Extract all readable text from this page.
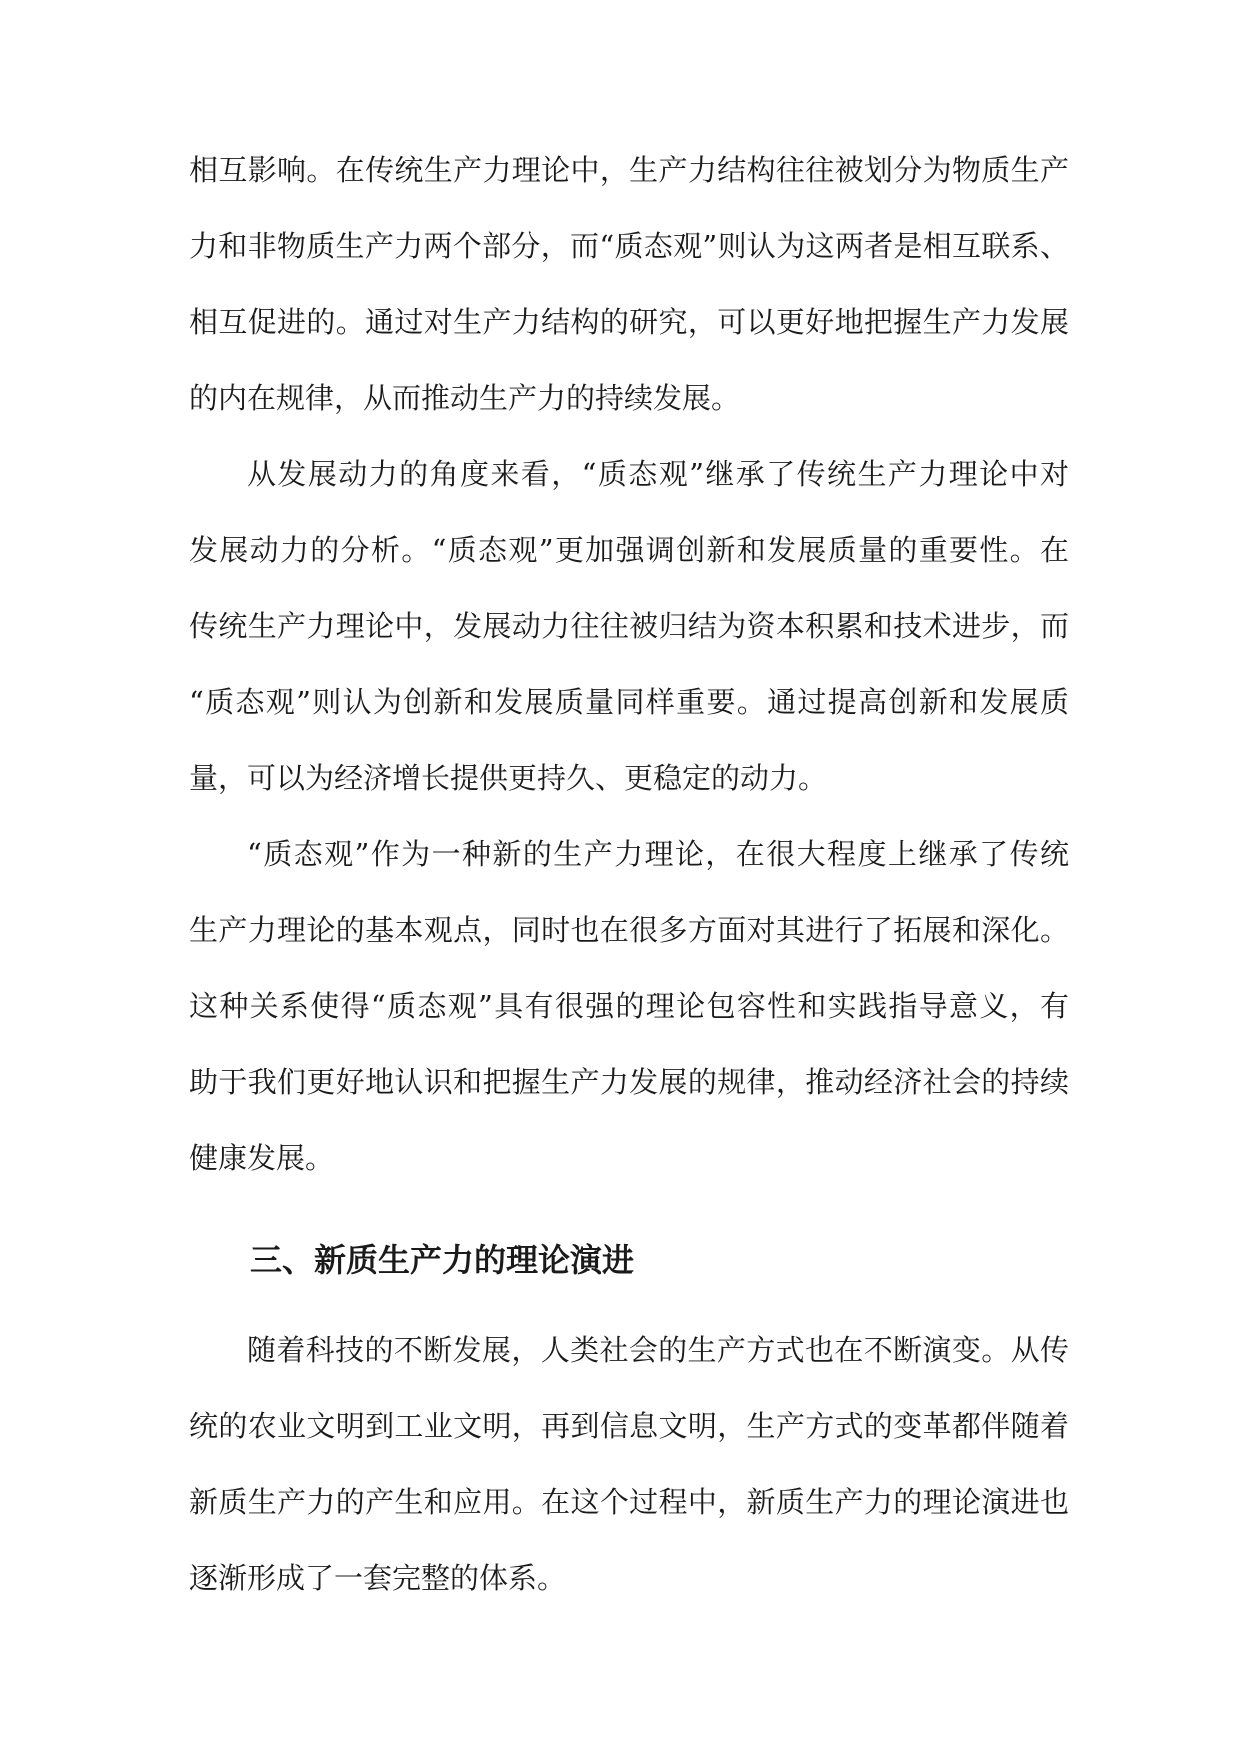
相互影响。在传统生产力理论中，生产力结构往往被划分为物质生产
力和非物质生产力两个部分，而“质态观”则认为这两者是相互联系、
相互促进的。通过对生产力结构的研究，可以更好地把握生产力发展
的内在规律，从而推动生产力的持续发展。
从发展动力的角度来看，“质态观”继承了传统生产力理论中对
发展动力的分析。“质态观”更加强调创新和发展质量的重要性。在
传统生产力理论中，发展动力往往被归结为资本积累和技术进步，而
“质态观”则认为创新和发展质量同样重要。通过提高创新和发展质
量，可以为经济增长提供更持久、更稳定的动力。
“质态观”作为一种新的生产力理论，在很大程度上继承了传统
生产力理论的基本观点，同时也在很多方面对其进行了拓展和深化。
这种关系使得“质态观”具有很强的理论包容性和实践指导意义，有
助于我们更好地认识和把握生产力发展的规律，推动经济社会的持续
健康发展。
三、新质生产力的理论演进
随着科技的不断发展，人类社会的生产方式也在不断演变。从传
统的农业文明到工业文明，再到信息文明，生产方式的变革都伴随着
新质生产力的产生和应用。在这个过程中，新质生产力的理论演进也
逐渐形成了一套完整的体系。
